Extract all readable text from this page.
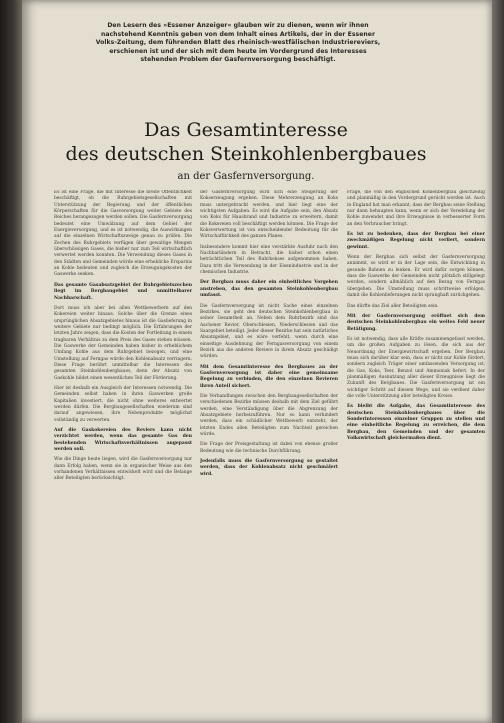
Den Lesern des »Essener Anzeiger« glauben wir zu dienen, wenn wir ihnen nachstehend Kenntnis geben von dem Inhalt eines Artikels, der in der Essener Volks-Zeitung, dem führenden Blatt des rheinisch-westfälischen Industriereviers, erschienen ist und der sich mit dem heute im Vordergrund des Interesses stehenden Problem der Gasfernversorgung beschäftigt.
Das Gesamtinteresse
des deutschen Steinkohlenbergbaues
an der Gasfernversorgung.

Es ist eine Frage, die mit Interesse die breite Öffentlichkeit beschäftigt, ob die Ruhrgebietsgesellschaften mit Unterstützung der Regierung und der öffentlichen Körperschaften für die Gasversorgung weiter Gebiete des Reiches herangezogen werden sollen. Die Gasfernversorgung bedeutet eine Umwälzung auf dem Gebiet der Energieversorgung, und es ist notwendig, die Auswirkungen auf die einzelnen Wirtschaftszweige genau zu prüfen. Die Zechen des Ruhrgebiets verfügen über gewaltige Mengen überschüssigen Gases, die bisher nur zum Teil wirtschaftlich verwertet werden konnten. Die Verwendung dieses Gases in den Städten und Gemeinden würde eine erhebliche Ersparnis an Kohle bedeuten und zugleich die Erzeugungskosten der Gaswerke senken.

Das gesamte Gasabsatzgebiet der Ruhrgebietszechen liegt im Bergbaugebiet und unmittelbarer Nachbarschaft.

Dort muss ich aber bei allen Wettbewerbern auf den Kokereien weiter hinaus. Solche über die Grenze eines ursprünglichen Absatzgebietes hinaus ist die Gaslieferung in weitere Gebiete nur bedingt möglich. Die Erfahrungen der letzten Jahre zeigen, dass die Kosten der Fortleitung in einem tragbaren Verhältnis zu dem Preis des Gases stehen müssen. Die Gaswerke der Gemeinden haben bisher in erheblichem Umfang Kohle aus dem Ruhrgebiet bezogen, und eine Umstellung auf Ferngas würde den Kohlenabsatz verringern. Diese Frage berührt unmittelbar die Interessen des gesamten Steinkohlenbergbaues, denn der Absatz von Gaskohle bildet einen wesentlichen Teil der Förderung.

Hier ist deshalb ein Ausgleich der Interessen notwendig. Die Gemeinden selbst haben in ihren Gaswerken große Kapitalien investiert, die nicht ohne weiteres entwertet werden dürfen. Die Bergbaugesellschaften wiederum sind darauf angewiesen, ihre Nebenprodukte möglichst vollständig zu verwerten.

Auf die Gaskokereien des Reviers kann nicht verzichtet werden, wenn das gesamte Gas den bestehenden Wirtschaftsverhältnissen angepasst werden soll.

Wie die Dinge heute liegen, wird die Gasfernversorgung nur dann Erfolg haben, wenn sie in organischer Weise aus den vorhandenen Verhältnissen entwickelt wird und die Belange aller Beteiligten berücksichtigt.

der Gasfernversorgung wird sich eine Steigerung der Kokserzeugung ergeben. Diese Mehrerzeugung an Koks muss untergebracht werden, und hier liegt eine der wichtigsten Aufgaben. Es wird die Aufgabe sein, den Absatz von Koks für Hausbrand und Industrie zu erweitern, damit die Kokereien voll beschäftigt werden können. Die Frage der Koksverwertung ist von entscheidender Bedeutung für die Wirtschaftlichkeit des ganzen Planes.

Insbesondere kommt hier eine verstärkte Ausfuhr nach den Nachbarländern in Betracht, die bisher schon einen beträchtlichen Teil des Ruhrkokses aufgenommen haben. Dazu tritt die Verwendung in der Eisenindustrie und in der chemischen Industrie.

Der Bergbau muss daher ein einheitliches Vorgehen anstreben, das den gesamten Steinkohlenbergbau umfasst.

Die Gasfernversorgung ist nicht Sache eines einzelnen Bezirkes, sie geht den deutschen Steinkohlenbergbau in seiner Gesamtheit an. Neben dem Ruhrbezirk sind das Aachener Revier, Oberschlesien, Niederschlesien und das Saargebiet beteiligt. Jeder dieser Bezirke hat sein natürliches Absatzgebiet, und es wäre verfehlt, wenn durch eine einseitige Ausdehnung der Ferngasversorgung von einem Bezirk aus die anderen Reviere in ihrem Absatz geschädigt würden.

Mit dem Gesamtinteresse des Bergbaues an der Gasfernversorgung ist daher eine gemeinsame Regelung zu verbinden, die den einzelnen Revieren ihren Anteil sichert.

Die Verhandlungen zwischen den Bergbaugesellschaften der verschiedenen Bezirke müssen deshalb mit dem Ziel geführt werden, eine Verständigung über die Abgrenzung der Absatzgebiete herbeizuführen. Nur so kann verhindert werden, dass ein schädlicher Wettbewerb entsteht, der letzten Endes allen Beteiligten zum Nachteil gereichen würde.

Die Frage der Preisgestaltung ist dabei von ebenso großer Bedeutung wie die technische Durchführung.

Jedenfalls muss die Gasfernversorgung so gestaltet werden, dass der Kohlenabsatz nicht geschmälert wird.

Frage, die von den englischen Kohlenbergbau gleichzeitig und planmäßig in den Vordergrund gerückt worden ist. Auch in England hat man erkannt, dass der Bergbau seine Stellung nur dann behaupten kann, wenn er sich der Veredelung der Kohle zuwendet und ihre Erzeugnisse in verbesserter Form an den Verbraucher bringt.

Es ist zu bedenken, dass der Bergbau bei einer zweckmäßigen Regelung nicht verliert, sondern gewinnt.

Wenn der Bergbau sich selbst der Gasfernversorgung annimmt, so wird er in der Lage sein, die Entwicklung in gesunde Bahnen zu lenken. Er wird dafür sorgen können, dass die Gaswerke der Gemeinden nicht plötzlich stillgelegt werden, sondern allmählich auf den Bezug von Ferngas übergehen. Die Umstellung muss schrittweise erfolgen, damit die Kohlenlieferungen nicht sprunghaft zurückgehen.

Das dürfte das Ziel aller Beteiligten sein.

Mit der Gasfernversorgung eröffnet sich dem deutschen Steinkohlenbergbau ein weites Feld neuer Betätigung.

Es ist notwendig, dass alle Kräfte zusammengefasst werden, um die großen Aufgaben zu lösen, die sich aus der Neuordnung der Energiewirtschaft ergeben. Der Bergbau muss sich darüber klar sein, dass er nicht nur Kohle fördert, sondern zugleich Träger einer umfassenden Versorgung ist, die Gas, Koks, Teer, Benzol und Ammoniak liefert. In der planmäßigen Ausnutzung aller dieser Erzeugnisse liegt die Zukunft des Bergbaues. Die Gasfernversorgung ist ein wichtiger Schritt auf diesem Wege, und sie verdient daher die volle Unterstützung aller beteiligten Kreise.

Es bleibt die Aufgabe, das Gesamtinteresse des deutschen Steinkohlenbergbaues über die Sonderinteressen einzelner Gruppen zu stellen und eine einheitliche Regelung zu erreichen, die dem Bergbau, den Gemeinden und der gesamten Volkswirtschaft gleichermaßen dient.
